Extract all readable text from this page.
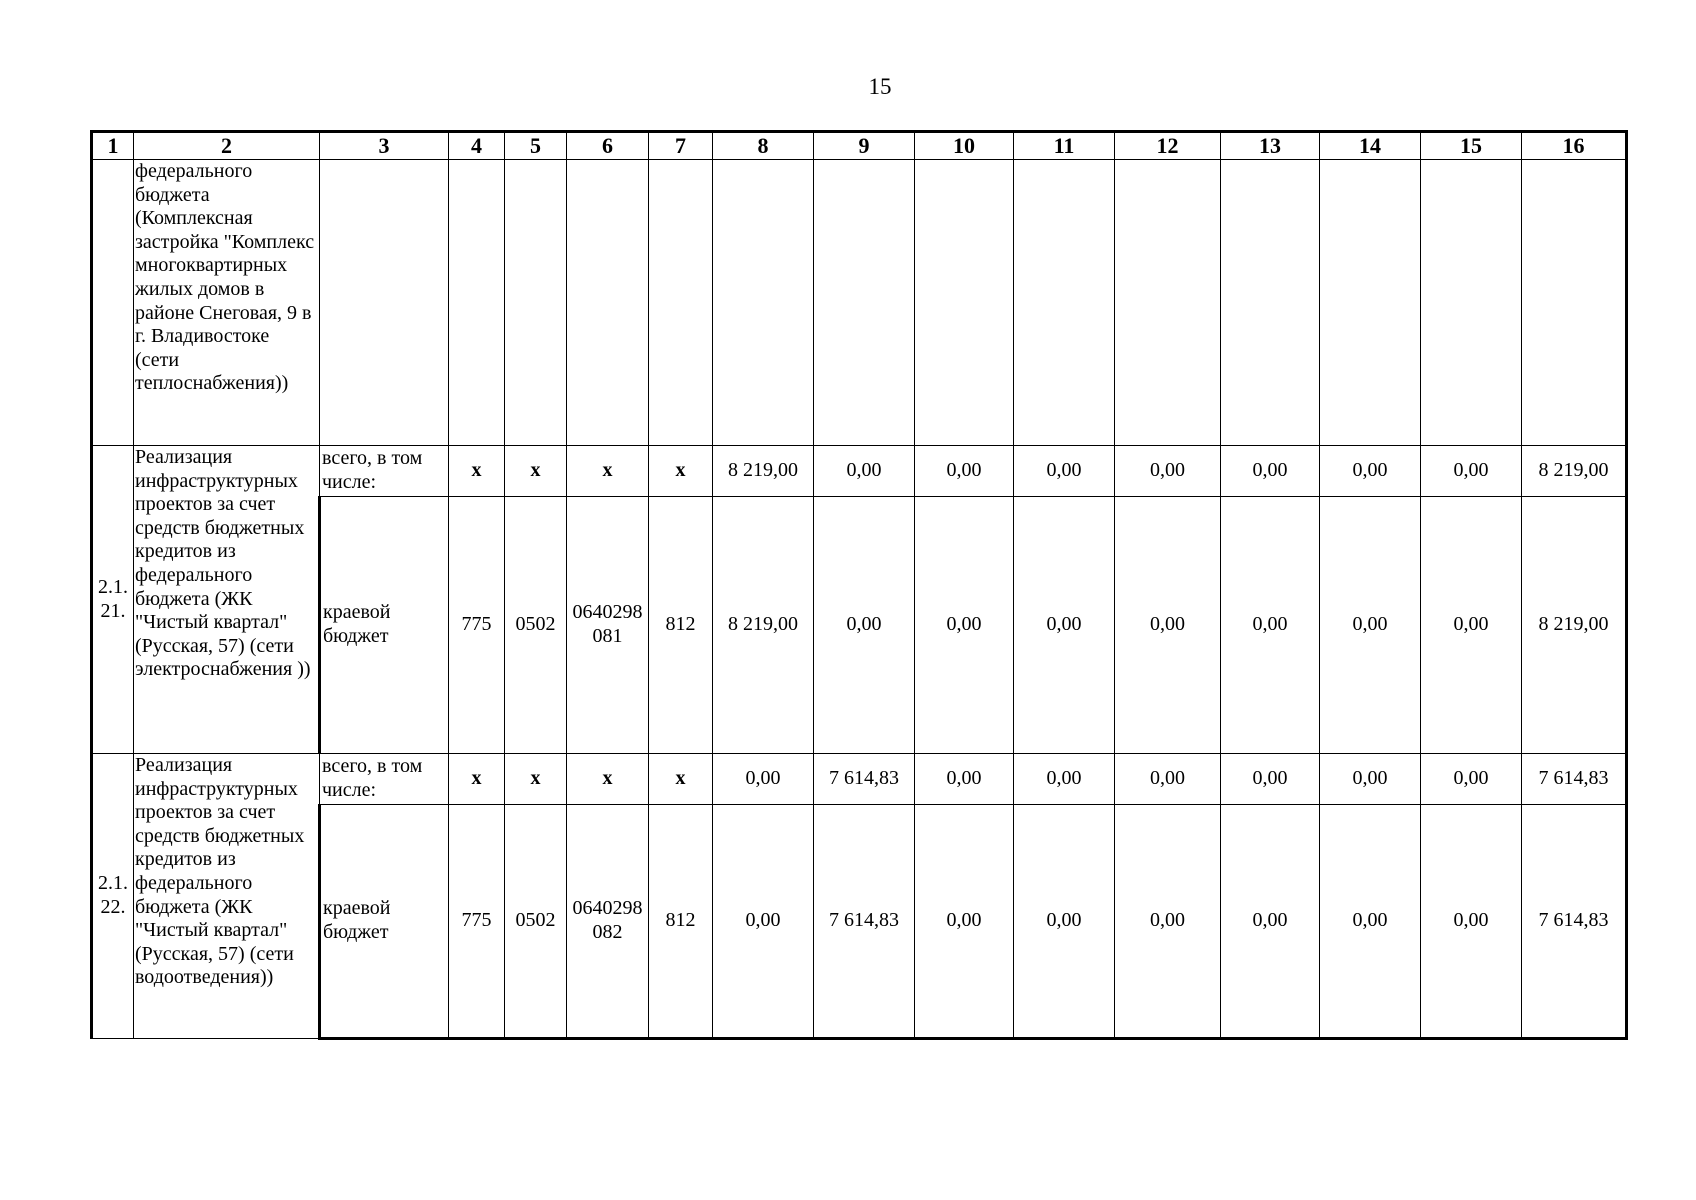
15
1	2	3	4	5	6	7	8	9	10	11	12	13	14	15	16
	федерального бюджета (Комплексная застройка "Комплекс многоквартирных жилых домов в районе Снеговая, 9 в г. Владивостоке (сети теплоснабжения))														
2.1. 21.	Реализация инфраструктурных проектов за счет средств бюджетных кредитов из федерального бюджета (ЖК "Чистый квартал" (Русская, 57) (сети электроснабжения ))	всего, в том числе:	x	x	x	x	8 219,00	0,00	0,00	0,00	0,00	0,00	0,00	0,00	8 219,00
		краевой бюджет	775	0502	0640298 081	812	8 219,00	0,00	0,00	0,00	0,00	0,00	0,00	0,00	8 219,00
2.1. 22.	Реализация инфраструктурных проектов за счет средств бюджетных кредитов из федерального бюджета (ЖК "Чистый квартал" (Русская, 57) (сети водоотведения))	всего, в том числе:	x	x	x	x	0,00	7 614,83	0,00	0,00	0,00	0,00	0,00	0,00	7 614,83
		краевой бюджет	775	0502	0640298 082	812	0,00	7 614,83	0,00	0,00	0,00	0,00	0,00	0,00	7 614,83
